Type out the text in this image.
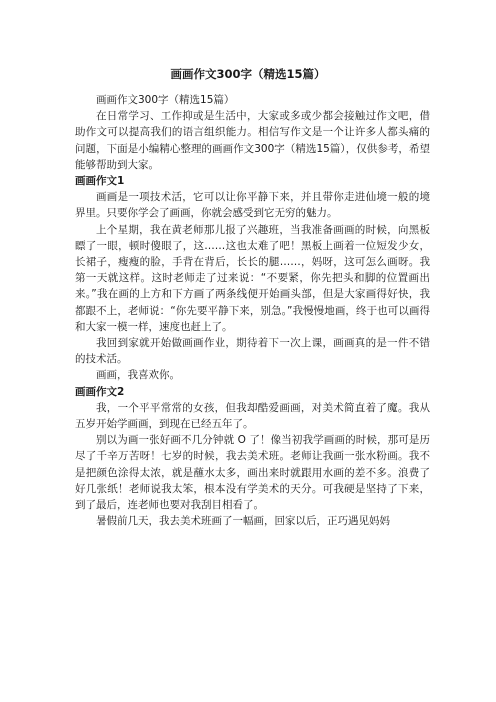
画画作文300字（精选15篇）

画画作文300字（精选15篇）

在日常学习、工作抑或是生活中，大家或多或少都会接触过作文吧，借助作文可以提高我们的语言组织能力。相信写作文是一个让许多人都头痛的问题，下面是小编精心整理的画画作文300字（精选15篇），仅供参考，希望能够帮助到大家。

画画作文1

画画是一项技术活，它可以让你平静下来，并且带你走进仙境一般的境界里。只要你学会了画画，你就会感受到它无穷的魅力。

上个星期，我在黄老师那儿报了兴趣班，当我准备画画的时候，向黑板瞟了一眼，顿时傻眼了，这……这也太难了吧！黑板上画着一位短发少女，长裙子，瘦瘦的脸，手背在背后，长长的腿……，妈呀，这可怎么画呀。我第一天就这样。这时老师走了过来说：“不要紧，你先把头和脚的位置画出来。”我在画的上方和下方画了两条线便开始画头部，但是大家画得好快，我都跟不上，老师说：“你先要平静下来，别急。”我慢慢地画，终于也可以画得和大家一模一样，速度也赶上了。

我回到家就开始做画画作业，期待着下一次上课，画画真的是一件不错的技术活。

画画，我喜欢你。

画画作文2

我，一个平平常常的女孩，但我却酷爱画画，对美术简直着了魔。我从五岁开始学画画，到现在已经五年了。

别以为画一张好画不几分钟就 O 了！像当初我学画画的时候，那可是历尽了千辛万苦呀！七岁的时候，我去美术班。老师让我画一张水粉画。我不是把颜色涂得太浓，就是蘸水太多，画出来时就跟用水画的差不多。浪费了好几张纸！老师说我太笨，根本没有学美术的天分。可我硬是坚持了下来，到了最后，连老师也要对我刮目相看了。

暑假前几天，我去美术班画了一幅画，回家以后，正巧遇见妈妈
